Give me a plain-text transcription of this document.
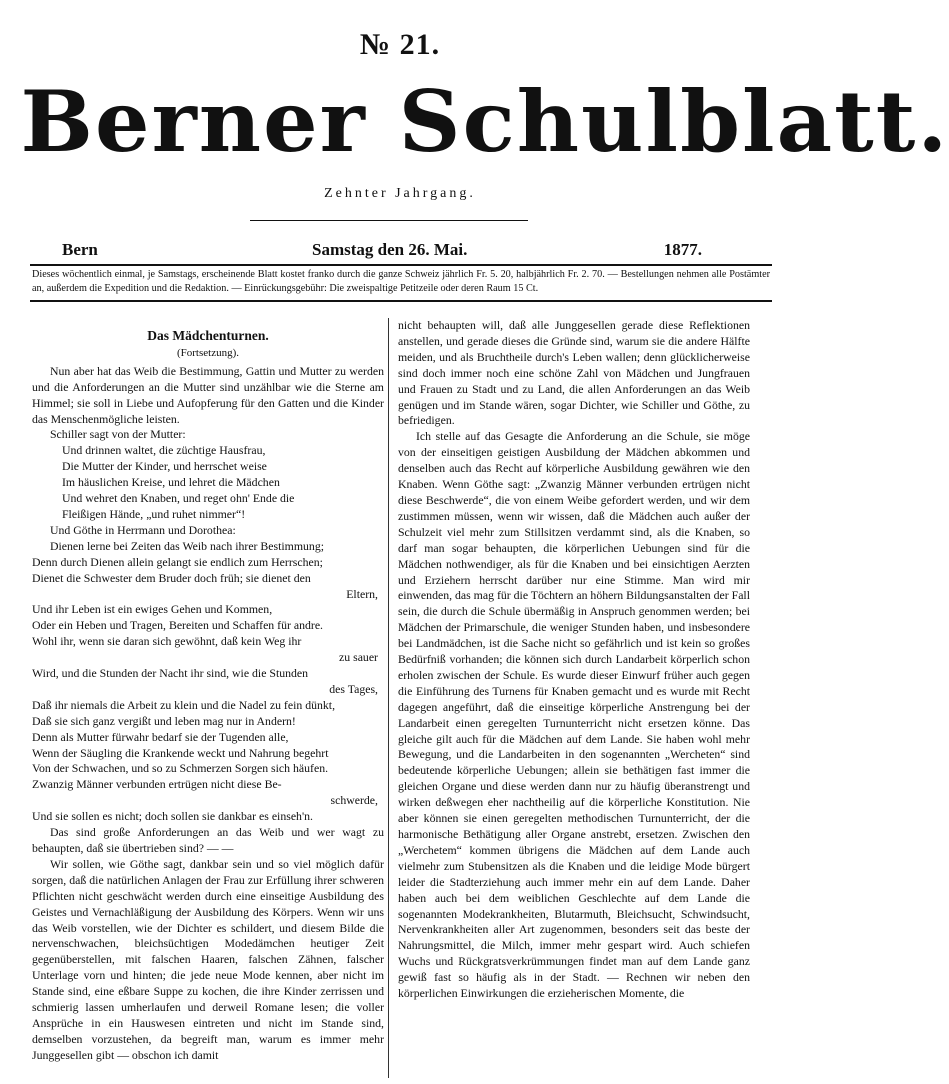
№ 21.
Berner Schulblatt.
Zehnter Jahrgang.
Bern	Samstag den 26. Mai.	1877.
Dieses wöchentlich einmal, je Samstags, erscheinende Blatt kostet franko durch die ganze Schweiz jährlich Fr. 5. 20, halbjährlich Fr. 2. 70. — Bestellungen nehmen alle Postämter an, außerdem die Expedition und die Redaktion. — Einrückungsgebühr: Die zweispaltige Petitzeile oder deren Raum 15 Ct.
Das Mädchenturnen.
(Fortsetzung).

Nun aber hat das Weib die Bestimmung, Gattin und Mutter zu werden und die Anforderungen an die Mutter sind unzählbar wie die Sterne am Himmel; sie soll in Liebe und Aufopferung für den Gatten und die Kinder das Menschenmögliche leisten.

Schiller sagt von der Mutter:

Und drinnen waltet, die züchtige Hausfrau,

Die Mutter der Kinder, und herrschet weise

Im häuslichen Kreise, und lehret die Mädchen

Und wehret den Knaben, und reget ohn' Ende die

Fleißigen Hände, „und ruhet nimmer“!

Und Göthe in Herrmann und Dorothea:

Dienen lerne bei Zeiten das Weib nach ihrer Bestimmung;

Denn durch Dienen allein gelangt sie endlich zum Herrschen;

Dienet die Schwester dem Bruder doch früh; sie dienet den

Eltern,

Und ihr Leben ist ein ewiges Gehen und Kommen,

Oder ein Heben und Tragen, Bereiten und Schaffen für andre.

Wohl ihr, wenn sie daran sich gewöhnt, daß kein Weg ihr

zu sauer

Wird, und die Stunden der Nacht ihr sind, wie die Stunden

des Tages,

Daß ihr niemals die Arbeit zu klein und die Nadel zu fein dünkt,

Daß sie sich ganz vergißt und leben mag nur in Andern!

Denn als Mutter fürwahr bedarf sie der Tugenden alle,

Wenn der Säugling die Krankende weckt und Nahrung begehrt

Von der Schwachen, und so zu Schmerzen Sorgen sich häufen.

Zwanzig Männer verbunden ertrügen nicht diese Be-

schwerde,

Und sie sollen es nicht; doch sollen sie dankbar es einseh'n.

Das sind große Anforderungen an das Weib und wer wagt zu behaupten, daß sie übertrieben sind? — —

Wir sollen, wie Göthe sagt, dankbar sein und so viel möglich dafür sorgen, daß die natürlichen Anlagen der Frau zur Erfüllung ihrer schweren Pflichten nicht geschwächt werden durch eine einseitige Ausbildung des Geistes und Vernachläßigung der Ausbildung des Körpers. Wenn wir uns das Weib vorstellen, wie der Dichter es schildert, und diesem Bilde die nervenschwachen, bleichsüchtigen Modedämchen heutiger Zeit gegenüberstellen, mit falschen Haaren, falschen Zähnen, falscher Unterlage vorn und hinten; die jede neue Mode kennen, aber nicht im Stande sind, eine eßbare Suppe zu kochen, die ihre Kinder zerrissen und schmierig lassen umherlaufen und derweil Romane lesen; die voller Ansprüche in ein Hauswesen eintreten und nicht im Stande sind, demselben vorzustehen, da begreift man, warum es immer mehr Junggesellen gibt — obschon ich damit

nicht behaupten will, daß alle Junggesellen gerade diese Reflektionen anstellen, und gerade dieses die Gründe sind, warum sie die andere Hälfte meiden, und als Bruchtheile durch's Leben wallen; denn glücklicherweise sind doch immer noch eine schöne Zahl von Mädchen und Jungfrauen und Frauen zu Stadt und zu Land, die allen Anforderungen an das Weib genügen und im Stande wären, sogar Dichter, wie Schiller und Göthe, zu befriedigen.

Ich stelle auf das Gesagte die Anforderung an die Schule, sie möge von der einseitigen geistigen Ausbildung der Mädchen abkommen und denselben auch das Recht auf körperliche Ausbildung gewähren wie den Knaben. Wenn Göthe sagt: „Zwanzig Männer verbunden ertrügen nicht diese Beschwerde“, die von einem Weibe gefordert werden, und wir dem zustimmen müssen, wenn wir wissen, daß die Mädchen auch außer der Schulzeit viel mehr zum Stillsitzen verdammt sind, als die Knaben, so darf man sogar behaupten, die körperlichen Uebungen sind für die Mädchen nothwendiger, als für die Knaben und bei einsichtigen Aerzten und Erziehern herrscht darüber nur eine Stimme. Man wird mir einwenden, das mag für die Töchtern an höhern Bildungsanstalten der Fall sein, die durch die Schule übermäßig in Anspruch genommen werden; bei Mädchen der Primarschule, die weniger Stunden haben, und insbesondere bei Landmädchen, ist die Sache nicht so gefährlich und ist kein so großes Bedürfniß vorhanden; die können sich durch Landarbeit körperlich schon erholen zwischen der Schule. Es wurde dieser Einwurf früher auch gegen die Einführung des Turnens für Knaben gemacht und es wurde mit Recht dagegen angeführt, daß die einseitige körperliche Anstrengung bei der Landarbeit einen geregelten Turnunterricht nicht ersetzen könne. Das gleiche gilt auch für die Mädchen auf dem Lande. Sie haben wohl mehr Bewegung, und die Landarbeiten in den sogenannten „Wercheten“ sind bedeutende körperliche Uebungen; allein sie bethätigen fast immer die gleichen Organe und diese werden dann nur zu häufig überanstrengt und wirken deßwegen eher nachtheilig auf die körperliche Konstitution. Nie aber können sie einen geregelten methodischen Turnunterricht, der die harmonische Bethätigung aller Organe anstrebt, ersetzen. Zwischen den „Werchetem“ kommen übrigens die Mädchen auf dem Lande auch vielmehr zum Stubensitzen als die Knaben und die leidige Mode bürgert leider die Stadterziehung auch immer mehr ein auf dem Lande. Daher haben auch bei dem weiblichen Geschlechte auf dem Lande die sogenannten Modekrankheiten, Blutarmuth, Bleichsucht, Schwindsucht, Nervenkrankheiten aller Art zugenommen, besonders seit das beste der Nahrungsmittel, die Milch, immer mehr gespart wird. Auch schiefen Wuchs und Rückgratsverkrümmungen findet man auf dem Lande ganz gewiß fast so häufig als in der Stadt. — Rechnen wir neben den körperlichen Einwirkungen die erzieherischen Momente, die
